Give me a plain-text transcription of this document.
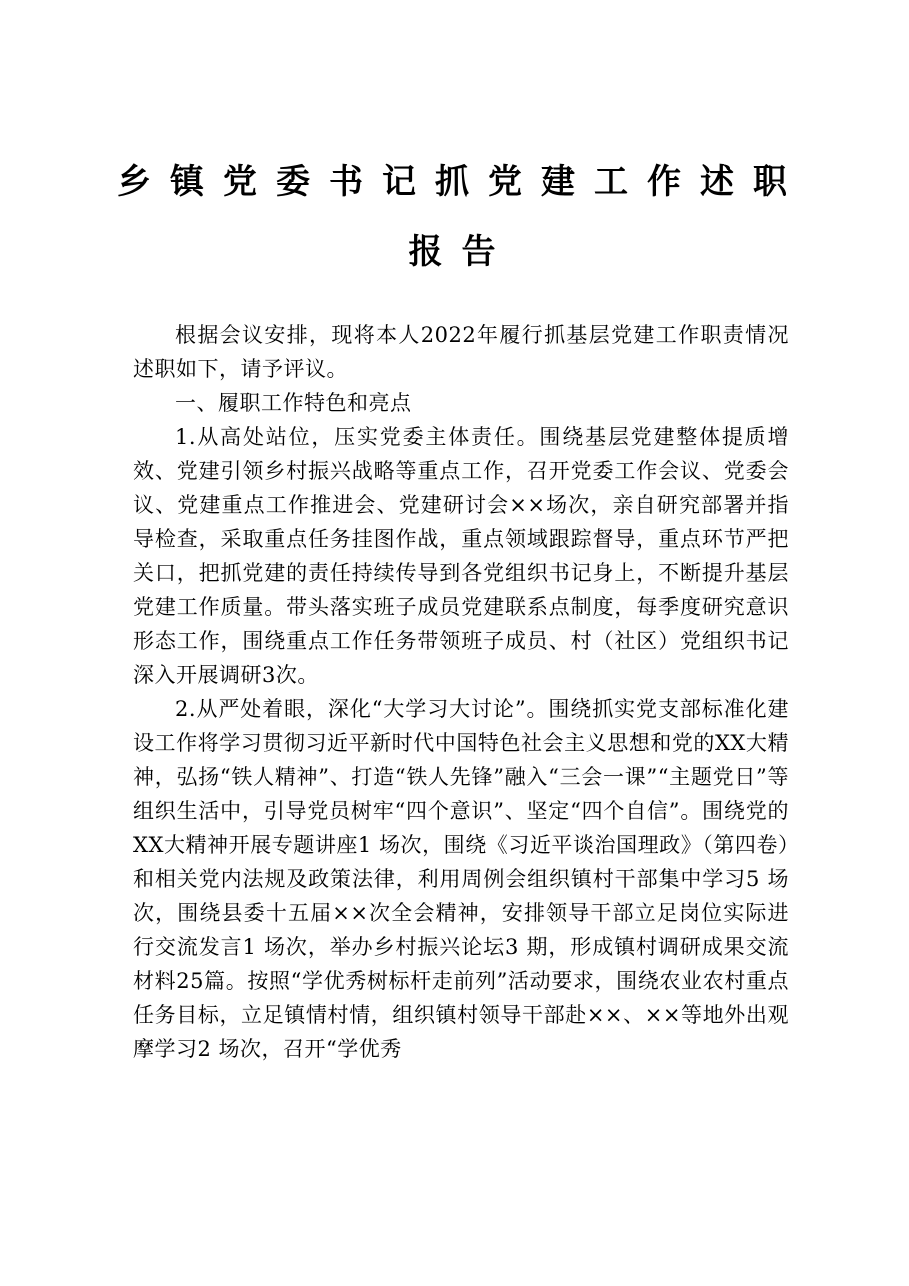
乡镇党委书记抓党建工作述职
报告

根据会议安排，现将本人2022年履行抓基层党建工作职责情况述职如下，请予评议。

一、履职工作特色和亮点

1.从高处站位，压实党委主体责任。围绕基层党建整体提质增效、党建引领乡村振兴战略等重点工作，召开党委工作会议、党委会议、党建重点工作推进会、党建研讨会××场次，亲自研究部署并指导检查，采取重点任务挂图作战，重点领域跟踪督导，重点环节严把关口，把抓党建的责任持续传导到各党组织书记身上，不断提升基层党建工作质量。带头落实班子成员党建联系点制度，每季度研究意识形态工作，围绕重点工作任务带领班子成员、村（社区）党组织书记深入开展调研3次。

2.从严处着眼，深化“大学习大讨论”。围绕抓实党支部标准化建设工作将学习贯彻习近平新时代中国特色社会主义思想和党的XX大精神，弘扬“铁人精神”、打造“铁人先锋”融入“三会一课”“主题党日”等组织生活中，引导党员树牢“四个意识”、坚定“四个自信”。围绕党的XX大精神开展专题讲座1 场次，围绕《习近平谈治国理政》（第四卷）和相关党内法规及政策法律，利用周例会组织镇村干部集中学习5 场次，围绕县委十五届××次全会精神，安排领导干部立足岗位实际进行交流发言1 场次，举办乡村振兴论坛3 期，形成镇村调研成果交流材料25篇。按照“学优秀树标杆走前列”活动要求，围绕农业农村重点任务目标，立足镇情村情，组织镇村领导干部赴××、××等地外出观摩学习2 场次，召开“学优秀
